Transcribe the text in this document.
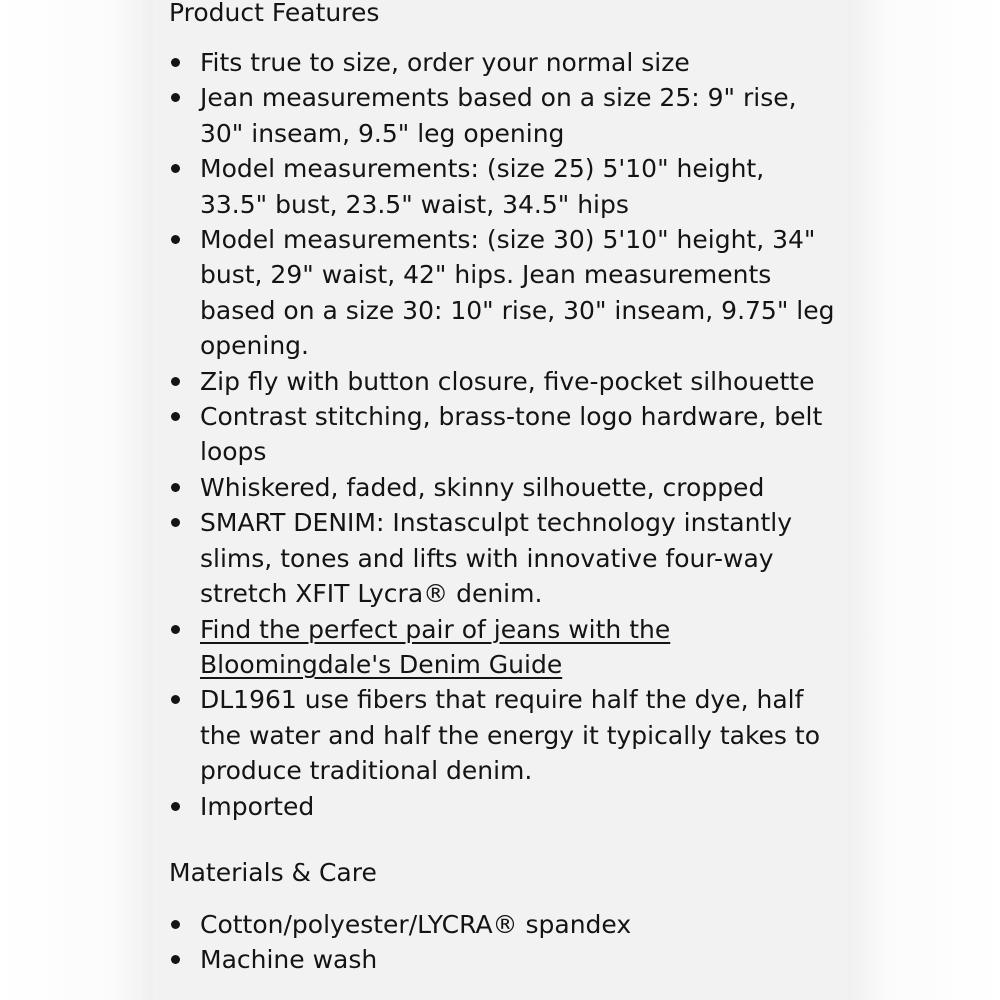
Product Features
Fits true to size, order your normal size
Jean measurements based on a size 25: 9" rise, 30" inseam, 9.5" leg opening
Model measurements: (size 25) 5'10" height, 33.5" bust, 23.5" waist, 34.5" hips
Model measurements: (size 30) 5'10" height, 34" bust, 29" waist, 42" hips. Jean measurements based on a size 30: 10" rise, 30" inseam, 9.75" leg opening.
Zip fly with button closure, five-pocket silhouette
Contrast stitching, brass-tone logo hardware, belt loops
Whiskered, faded, skinny silhouette, cropped
SMART DENIM: Instasculpt technology instantly slims, tones and lifts with innovative four-way stretch XFIT Lycra® denim.
Find the perfect pair of jeans with the Bloomingdale's Denim Guide
DL1961 use fibers that require half the dye, half the water and half the energy it typically takes to produce traditional denim.
Imported
Materials & Care
Cotton/polyester/LYCRA® spandex
Machine wash
